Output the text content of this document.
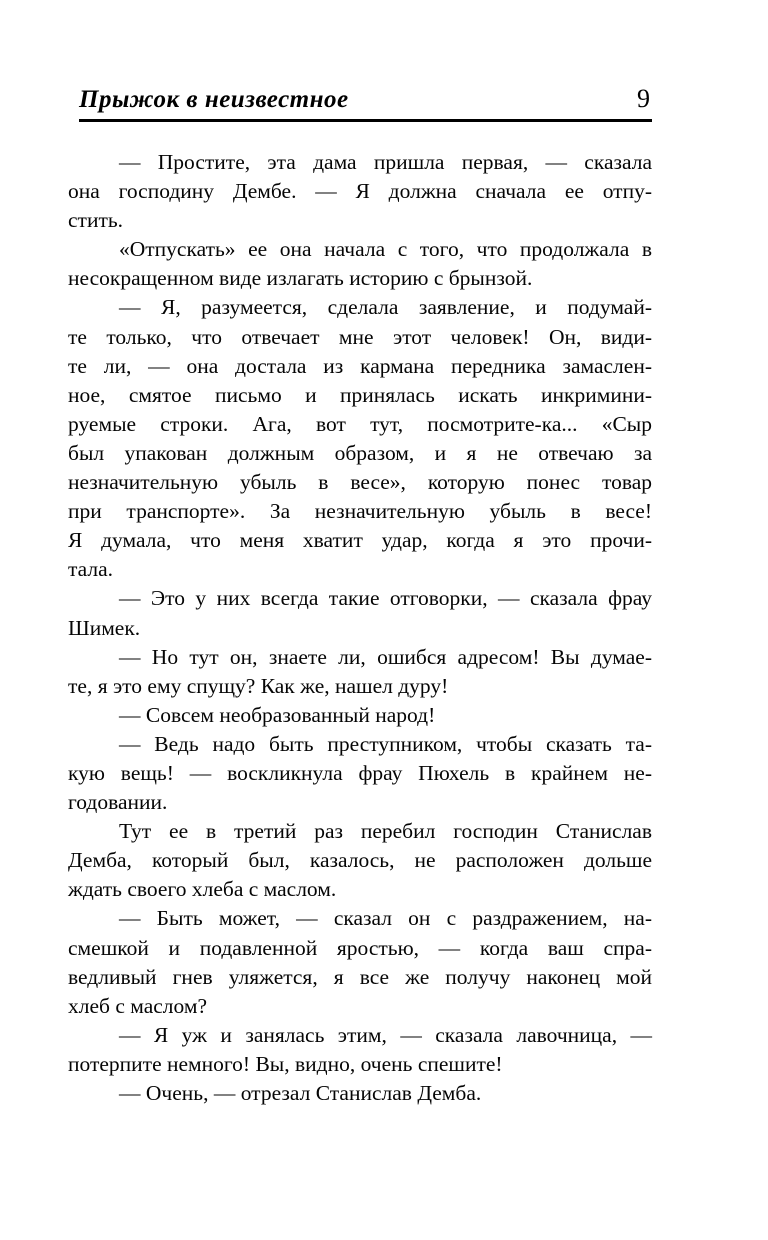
Прыжок в неизвестное	9
— Простите, эта дама пришла первая, — сказала
она господину Дембе. — Я должна сначала ее отпу-
стить.
«Отпускать» ее она начала с того, что продолжала в
несокращенном виде излагать историю с брынзой.
— Я, разумеется, сделала заявление, и подумай-
те только, что отвечает мне этот человек! Он, види-
те ли, — она достала из кармана передника замаслен-
ное, смятое письмо и принялась искать инкримини-
руемые строки. Ага, вот тут, посмотрите-ка... «Сыр
был упакован должным образом, и я не отвечаю за
незначительную убыль в весе», которую понес товар
при транспорте». За незначительную убыль в весе!
Я думала, что меня хватит удар, когда я это прочи-
тала.
— Это у них всегда такие отговорки, — сказала фрау
Шимек.
— Но тут он, знаете ли, ошибся адресом! Вы думае-
те, я это ему спущу? Как же, нашел дуру!
— Совсем необразованный народ!
— Ведь надо быть преступником, чтобы сказать та-
кую вещь! — воскликнула фрау Пюхель в крайнем не-
годовании.
Тут ее в третий раз перебил господин Станислав
Демба, который был, казалось, не расположен дольше
ждать своего хлеба с маслом.
— Быть может, — сказал он с раздражением, на-
смешкой и подавленной яростью, — когда ваш спра-
ведливый гнев уляжется, я все же получу наконец мой
хлеб с маслом?
— Я уж и занялась этим, — сказала лавочница, —
потерпите немного! Вы, видно, очень спешите!
— Очень, — отрезал Станислав Демба.
